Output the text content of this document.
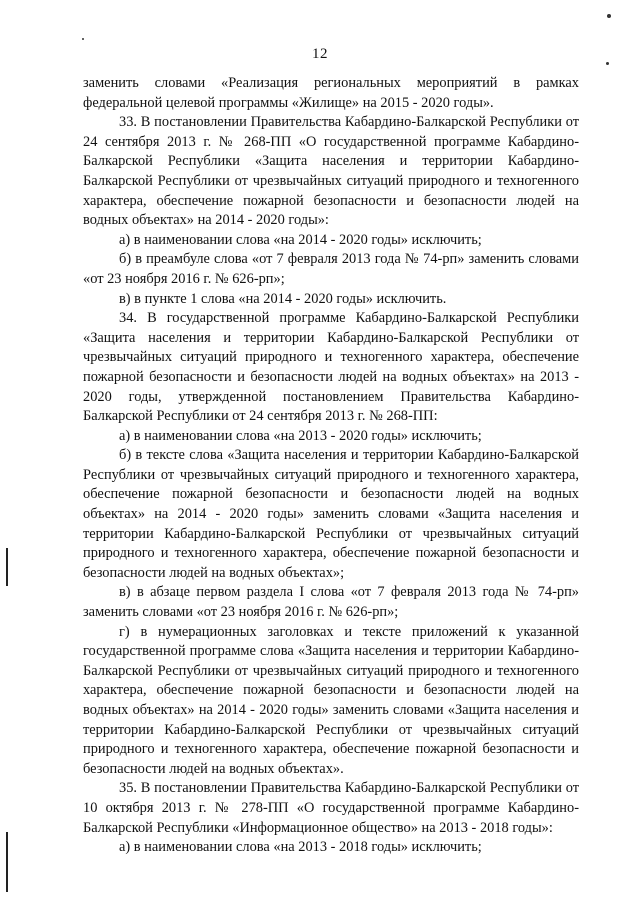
12

заменить словами «Реализация региональных мероприятий в рамках федеральной целевой программы «Жилище» на 2015 - 2020 годы».

33. В постановлении Правительства Кабардино-Балкарской Республики от 24 сентября 2013 г. № 268-ПП «О государственной программе Кабардино-Балкарской Республики «Защита населения и территории Кабардино-Балкарской Республики от чрезвычайных ситуаций природного и техногенного характера, обеспечение пожарной безопасности и безопасности людей на водных объектах» на 2014 - 2020 годы»:

а) в наименовании слова «на 2014 - 2020 годы» исключить;

б) в преамбуле слова «от 7 февраля 2013 года № 74-рп» заменить словами «от 23 ноября 2016 г. № 626-рп»;

в) в пункте 1 слова «на 2014 - 2020 годы» исключить.

34. В государственной программе Кабардино-Балкарской Республики «Защита населения и территории Кабардино-Балкарской Республики от чрезвычайных ситуаций природного и техногенного характера, обеспечение пожарной безопасности и безопасности людей на водных объектах» на 2013 - 2020 годы, утвержденной постановлением Правительства Кабардино-Балкарской Республики от 24 сентября 2013 г. № 268-ПП:

а) в наименовании слова «на 2013 - 2020 годы» исключить;

б) в тексте слова «Защита населения и территории Кабардино-Балкарской Республики от чрезвычайных ситуаций природного и техногенного характера, обеспечение пожарной безопасности и безопасности людей на водных объектах» на 2014 - 2020 годы» заменить словами «Защита населения и территории Кабардино-Балкарской Республики от чрезвычайных ситуаций природного и техногенного характера, обеспечение пожарной безопасности и безопасности людей на водных объектах»;

в) в абзаце первом раздела I слова «от 7 февраля 2013 года № 74-рп» заменить словами «от 23 ноября 2016 г. № 626-рп»;

г) в нумерационных заголовках и тексте приложений к указанной государственной программе слова «Защита населения и территории Кабардино-Балкарской Республики от чрезвычайных ситуаций природного и техногенного характера, обеспечение пожарной безопасности и безопасности людей на водных объектах» на 2014 - 2020 годы» заменить словами «Защита населения и территории Кабардино-Балкарской Республики от чрезвычайных ситуаций природного и техногенного характера, обеспечение пожарной безопасности и безопасности людей на водных объектах».

35. В постановлении Правительства Кабардино-Балкарской Республики от 10 октября 2013 г. № 278-ПП «О государственной программе Кабардино-Балкарской Республики «Информационное общество» на 2013 - 2018 годы»:

а) в наименовании слова «на 2013 - 2018 годы» исключить;
